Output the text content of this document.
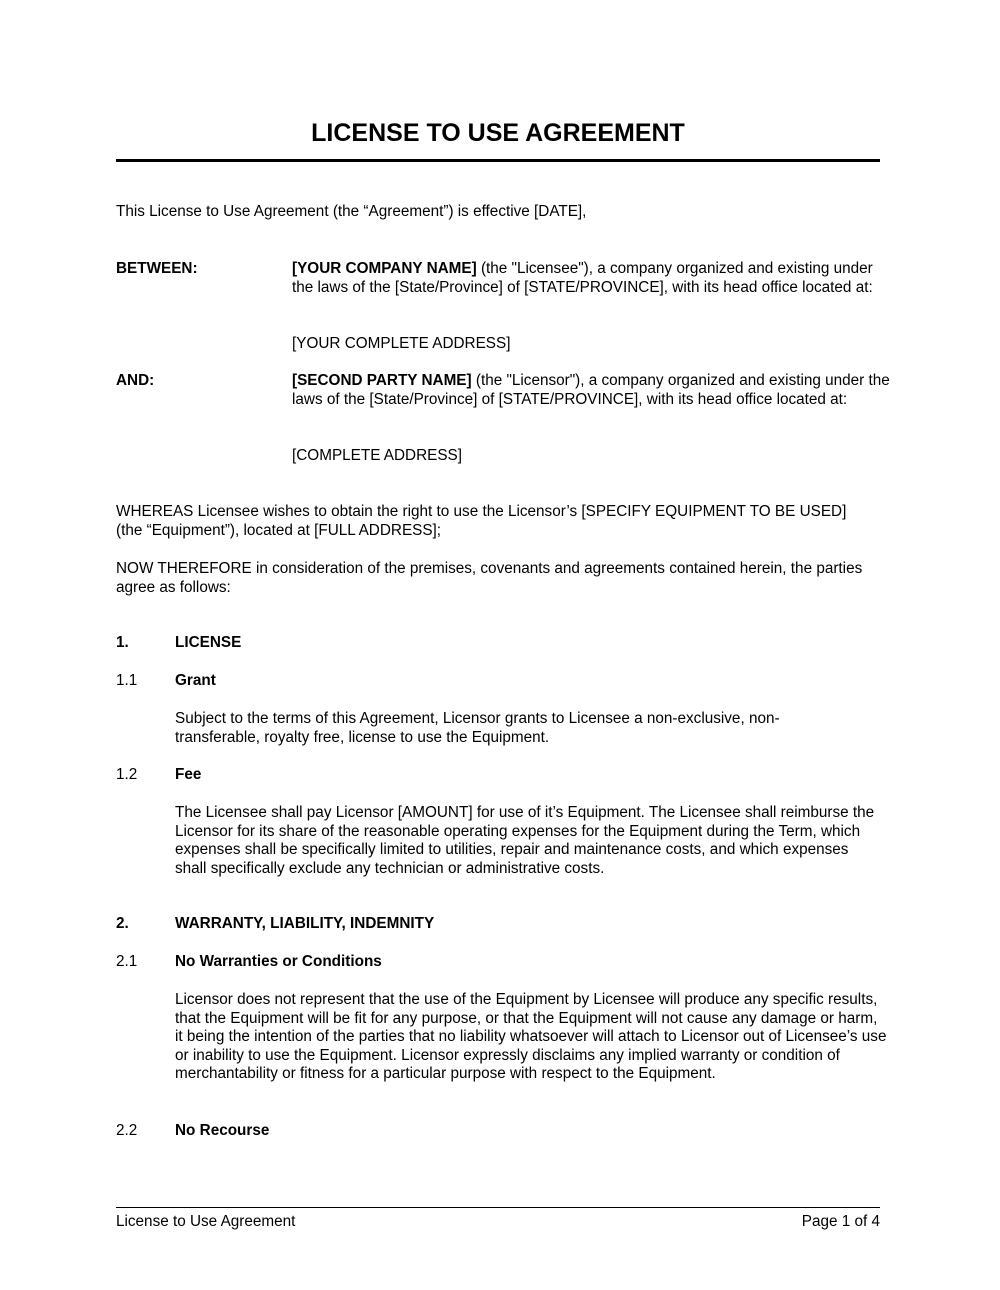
LICENSE TO USE AGREEMENT

This License to Use Agreement (the “Agreement”) is effective [DATE],

BETWEEN:	[YOUR COMPANY NAME] (the "Licensee"), a company organized and existing under the laws of the [State/Province] of [STATE/PROVINCE], with its head office located at:

[YOUR COMPLETE ADDRESS]

AND:	[SECOND PARTY NAME] (the "Licensor"), a company organized and existing under the laws of the [State/Province] of [STATE/PROVINCE], with its head office located at:

[COMPLETE ADDRESS]

WHEREAS Licensee wishes to obtain the right to use the Licensor’s [SPECIFY EQUIPMENT TO BE USED] (the “Equipment”), located at [FULL ADDRESS];

NOW THEREFORE in consideration of the premises, covenants and agreements contained herein, the parties agree as follows:

1.	LICENSE

1.1 Grant

Subject to the terms of this Agreement, Licensor grants to Licensee a non-exclusive, non-transferable, royalty free, license to use the Equipment.

1.2 Fee

The Licensee shall pay Licensor [AMOUNT] for use of it’s Equipment. The Licensee shall reimburse the Licensor for its share of the reasonable operating expenses for the Equipment during the Term, which expenses shall be specifically limited to utilities, repair and maintenance costs, and which expenses shall specifically exclude any technician or administrative costs.

2.	WARRANTY, LIABILITY, INDEMNITY

2.1 No Warranties or Conditions

Licensor does not represent that the use of the Equipment by Licensee will produce any specific results, that the Equipment will be fit for any purpose, or that the Equipment will not cause any damage or harm, it being the intention of the parties that no liability whatsoever will attach to Licensor out of Licensee’s use or inability to use the Equipment. Licensor expressly disclaims any implied warranty or condition of merchantability or fitness for a particular purpose with respect to the Equipment.

2.2 No Recourse

License to Use Agreement	Page 1 of 4
